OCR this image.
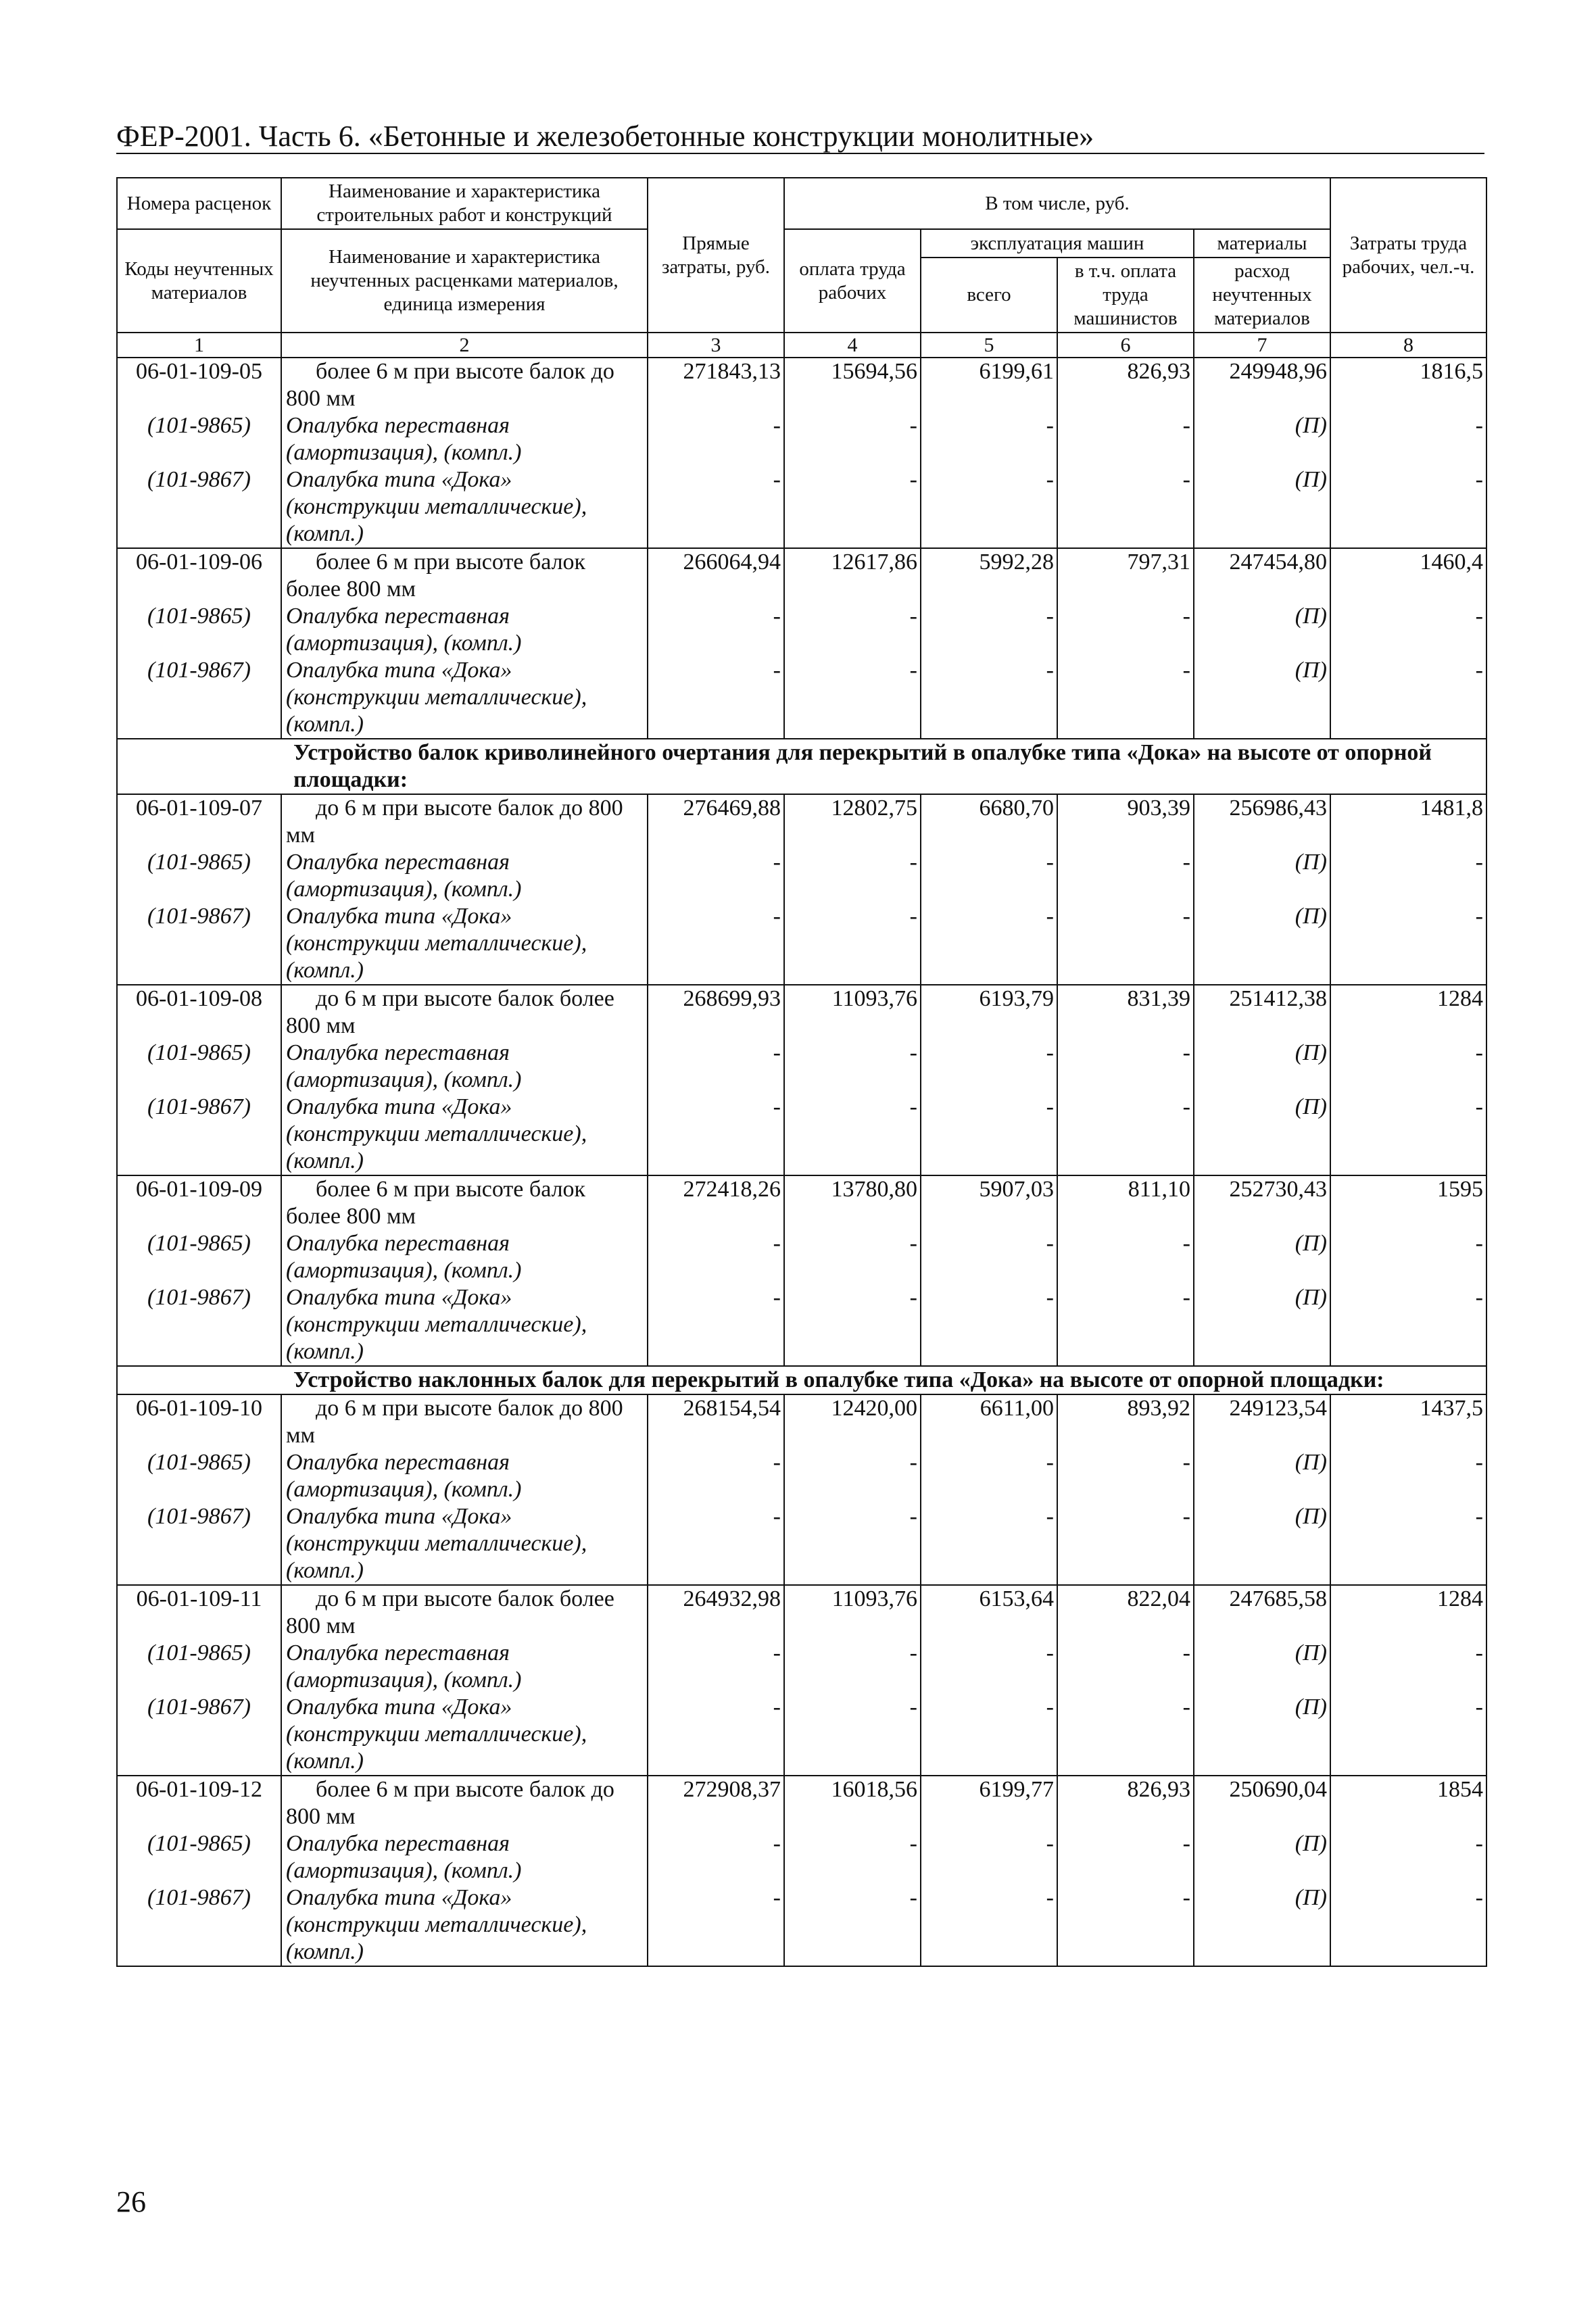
ФЕР-2001. Часть 6. «Бетонные и железобетонные конструкции монолитные»
Номера расценок	Наименование и характеристика строительных работ и конструкций	Прямые затраты, руб.	В том числе, руб.				Затраты труда рабочих, чел.-ч.
Коды неучтенных материалов	Наименование и характеристика неучтенных расценками материалов, единица измерения		оплата труда рабочих	эксплуатация машин		материалы	
				всего	в т.ч. оплата труда машинистов	расход неучтенных материалов	

1	2	3	4	5	6	7	8
06-01-109-05	более 6 м при высоте балок до 800 мм	271843,13	15694,56	6199,61	826,93	249948,96	1816,5
(101-9865)	Опалубка переставная (амортизация), (компл.)	-	-	-	-	(П)	-
(101-9867)	Опалубка типа «Дока» (конструкции металлические), (компл.)	-	-	-	-	(П)	-
06-01-109-06	более 6 м при высоте балок более 800 мм	266064,94	12617,86	5992,28	797,31	247454,80	1460,4
(101-9865)	Опалубка переставная (амортизация), (компл.)	-	-	-	-	(П)	-
(101-9867)	Опалубка типа «Дока» (конструкции металлические), (компл.)	-	-	-	-	(П)	-
Устройство балок криволинейного очертания для перекрытий в опалубке типа «Дока» на высоте от опорной площадки:							
06-01-109-07	до 6 м при высоте балок до 800 мм	276469,88	12802,75	6680,70	903,39	256986,43	1481,8
(101-9865)	Опалубка переставная (амортизация), (компл.)	-	-	-	-	(П)	-
(101-9867)	Опалубка типа «Дока» (конструкции металлические), (компл.)	-	-	-	-	(П)	-
06-01-109-08	до 6 м при высоте балок более 800 мм	268699,93	11093,76	6193,79	831,39	251412,38	1284
(101-9865)	Опалубка переставная (амортизация), (компл.)	-	-	-	-	(П)	-
(101-9867)	Опалубка типа «Дока» (конструкции металлические), (компл.)	-	-	-	-	(П)	-
06-01-109-09	более 6 м при высоте балок более 800 мм	272418,26	13780,80	5907,03	811,10	252730,43	1595
(101-9865)	Опалубка переставная (амортизация), (компл.)	-	-	-	-	(П)	-
(101-9867)	Опалубка типа «Дока» (конструкции металлические), (компл.)	-	-	-	-	(П)	-
Устройство наклонных балок для перекрытий в опалубке типа «Дока» на высоте от опорной площадки:							
06-01-109-10	до 6 м при высоте балок до 800 мм	268154,54	12420,00	6611,00	893,92	249123,54	1437,5
(101-9865)	Опалубка переставная (амортизация), (компл.)	-	-	-	-	(П)	-
(101-9867)	Опалубка типа «Дока» (конструкции металлические), (компл.)	-	-	-	-	(П)	-
06-01-109-11	до 6 м при высоте балок более 800 мм	264932,98	11093,76	6153,64	822,04	247685,58	1284
(101-9865)	Опалубка переставная (амортизация), (компл.)	-	-	-	-	(П)	-
(101-9867)	Опалубка типа «Дока» (конструкции металлические), (компл.)	-	-	-	-	(П)	-
06-01-109-12	более 6 м при высоте балок до 800 мм	272908,37	16018,56	6199,77	826,93	250690,04	1854
(101-9865)	Опалубка переставная (амортизация), (компл.)	-	-	-	-	(П)	-
(101-9867)	Опалубка типа «Дока» (конструкции металлические), (компл.)	-	-	-	-	(П)	-
26
